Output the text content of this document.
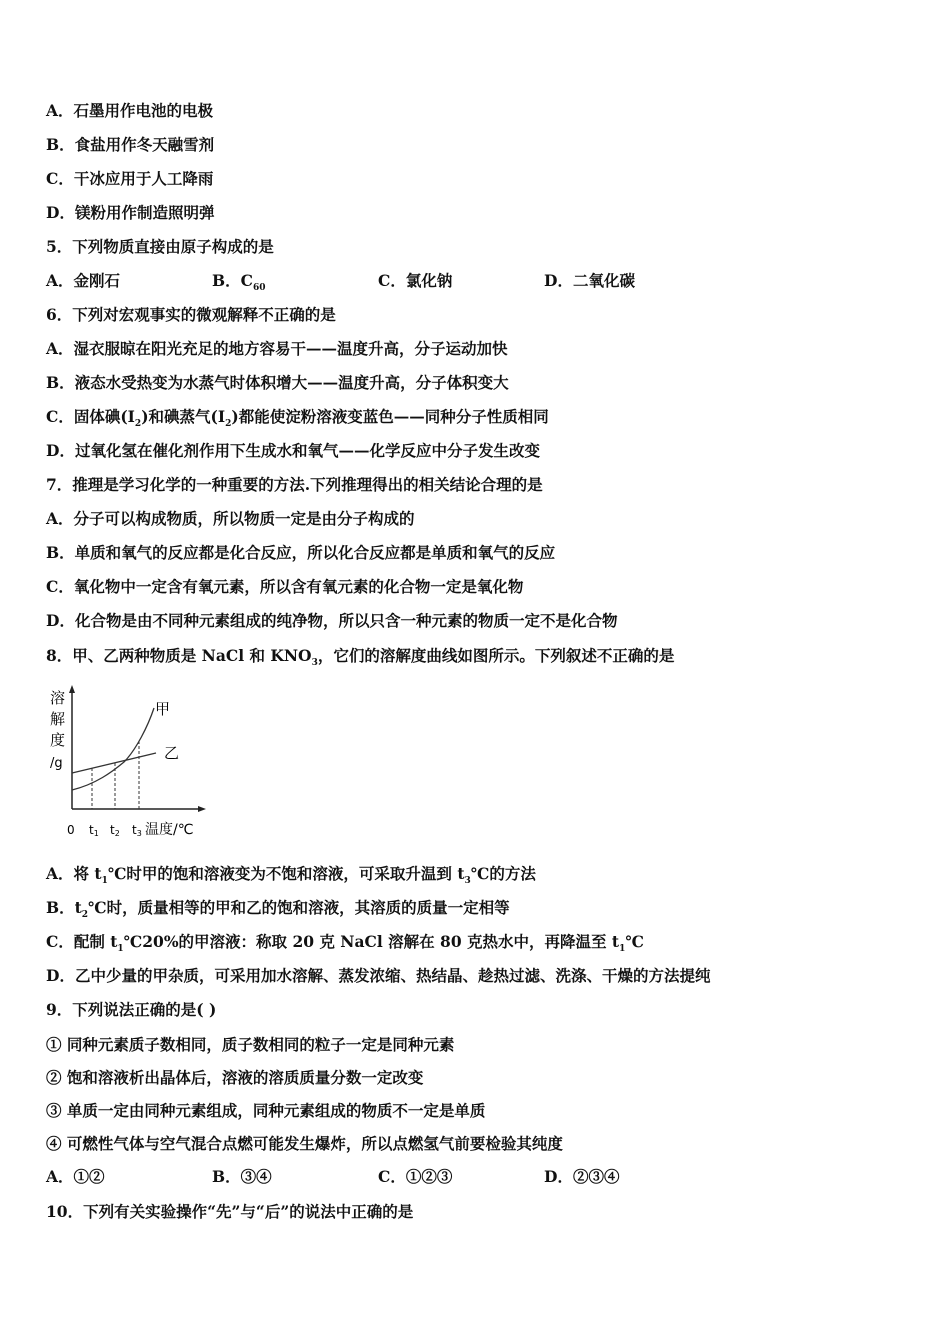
A．石墨用作电池的电极
B．食盐用作冬天融雪剂
C．干冰应用于人工降雨
D．镁粉用作制造照明弹
5．下列物质直接由原子构成的是
A．金刚石	B．$C_{60}$	C．氯化钠	D．二氧化碳
6．下列对宏观事实的微观解释不正确的是
A．湿衣服晾在阳光充足的地方容易干——温度升高，分子运动加快
B．液态水受热变为水蒸气时体积增大——温度升高，分子体积变大
C．固体碘$(I_2)$和碘蒸气$(I_2)$都能使淀粉溶液变蓝色——同种分子性质相同
D．过氧化氢在催化剂作用下生成水和氧气——化学反应中分子发生改变
7．推理是学习化学的一种重要的方法.下列推理得出的相关结论合理的是
A．分子可以构成物质，所以物质一定是由分子构成的
B．单质和氧气的反应都是化合反应，所以化合反应都是单质和氧气的反应
C．氧化物中一定含有氧元素，所以含有氧元素的化合物一定是氧化物
D．化合物是由不同种元素组成的纯净物，所以只含一种元素的物质一定不是化合物
8．甲、乙两种物质是 NaCl 和 $KNO_3$，它们的溶解度曲线如图所示。下列叙述不正确的是
溶
解
度
/g
甲
乙
0 t1 t2 t3 温度/℃
A．将 $t_1℃$时甲的饱和溶液变为不饱和溶液，可采取升温到 $t_3℃$的方法
B．$t_2℃$时，质量相等的甲和乙的饱和溶液，其溶质的质量一定相等
C．配制 $t_1℃20\%$的甲溶液：称取 20 克 NaCl 溶解在 80 克热水中，再降温至 $t_1℃$
D．乙中少量的甲杂质，可采用加水溶解、蒸发浓缩、热结晶、趁热过滤、洗涤、干燥的方法提纯
9．下列说法正确的是( )
① 同种元素质子数相同，质子数相同的粒子一定是同种元素
② 饱和溶液析出晶体后，溶液的溶质质量分数一定改变
③ 单质一定由同种元素组成，同种元素组成的物质不一定是单质
④ 可燃性气体与空气混合点燃可能发生爆炸，所以点燃氢气前要检验其纯度
A．①②	B．③④	C．①②③	D．②③④
10．下列有关实验操作“先”与“后”的说法中正确的是
